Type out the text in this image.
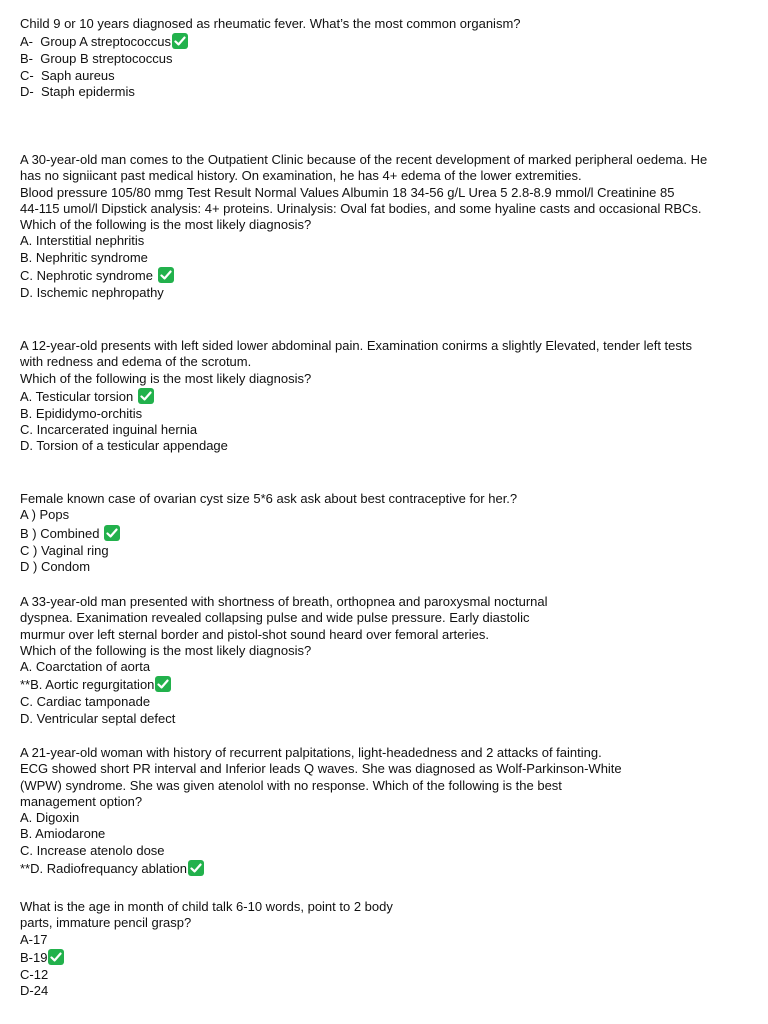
Child 9 or 10 years diagnosed as rheumatic fever. What’s the most common organism?
A-  Group A streptococcus
B-  Group B streptococcus
C-  Saph aureus
D-  Staph epidermis
A 30-year-old man comes to the Outpatient Clinic because of the recent development of marked peripheral oedema. He
has no signiicant past medical history. On examination, he has 4+ edema of the lower extremities.
Blood pressure 105/80 mmg Test Result Normal Values Albumin 18 34-56 g/L Urea 5 2.8-8.9 mmol/l Creatinine 85
44-115 umol/l Dipstick analysis: 4+ proteins. Urinalysis: Oval fat bodies, and some hyaline casts and occasional RBCs.
Which of the following is the most likely diagnosis?
A. Interstitial nephritis
B. Nephritic syndrome
C. Nephrotic syndrome
D. Ischemic nephropathy
A 12-year-old presents with left sided lower abdominal pain. Examination conirms a slightly Elevated, tender left tests
with redness and edema of the scrotum.
Which of the following is the most likely diagnosis?
A. Testicular torsion
B. Epididymo-orchitis
C. Incarcerated inguinal hernia
D. Torsion of a testicular appendage
Female known case of ovarian cyst size 5*6 ask ask about best contraceptive for her.?
A ) Pops
B ) Combined
C ) Vaginal ring
D ) Condom
A 33-year-old man presented with shortness of breath, orthopnea and paroxysmal nocturnal
dyspnea. Exanimation revealed collapsing pulse and wide pulse pressure. Early diastolic
murmur over left sternal border and pistol-shot sound heard over femoral arteries.
Which of the following is the most likely diagnosis?
A. Coarctation of aorta
**B. Aortic regurgitation
C. Cardiac tamponade
D. Ventricular septal defect
A 21-year-old woman with history of recurrent palpitations, light-headedness and 2 attacks of fainting.
ECG showed short PR interval and Inferior leads Q waves. She was diagnosed as Wolf-Parkinson-White
(WPW) syndrome. She was given atenolol with no response. Which of the following is the best
management option?
A. Digoxin
B. Amiodarone
C. Increase atenolo dose
**D. Radiofrequancy ablation
What is the age in month of child talk 6-10 words, point to 2 body
parts, immature pencil grasp?
A-17
B-19
C-12
D-24
